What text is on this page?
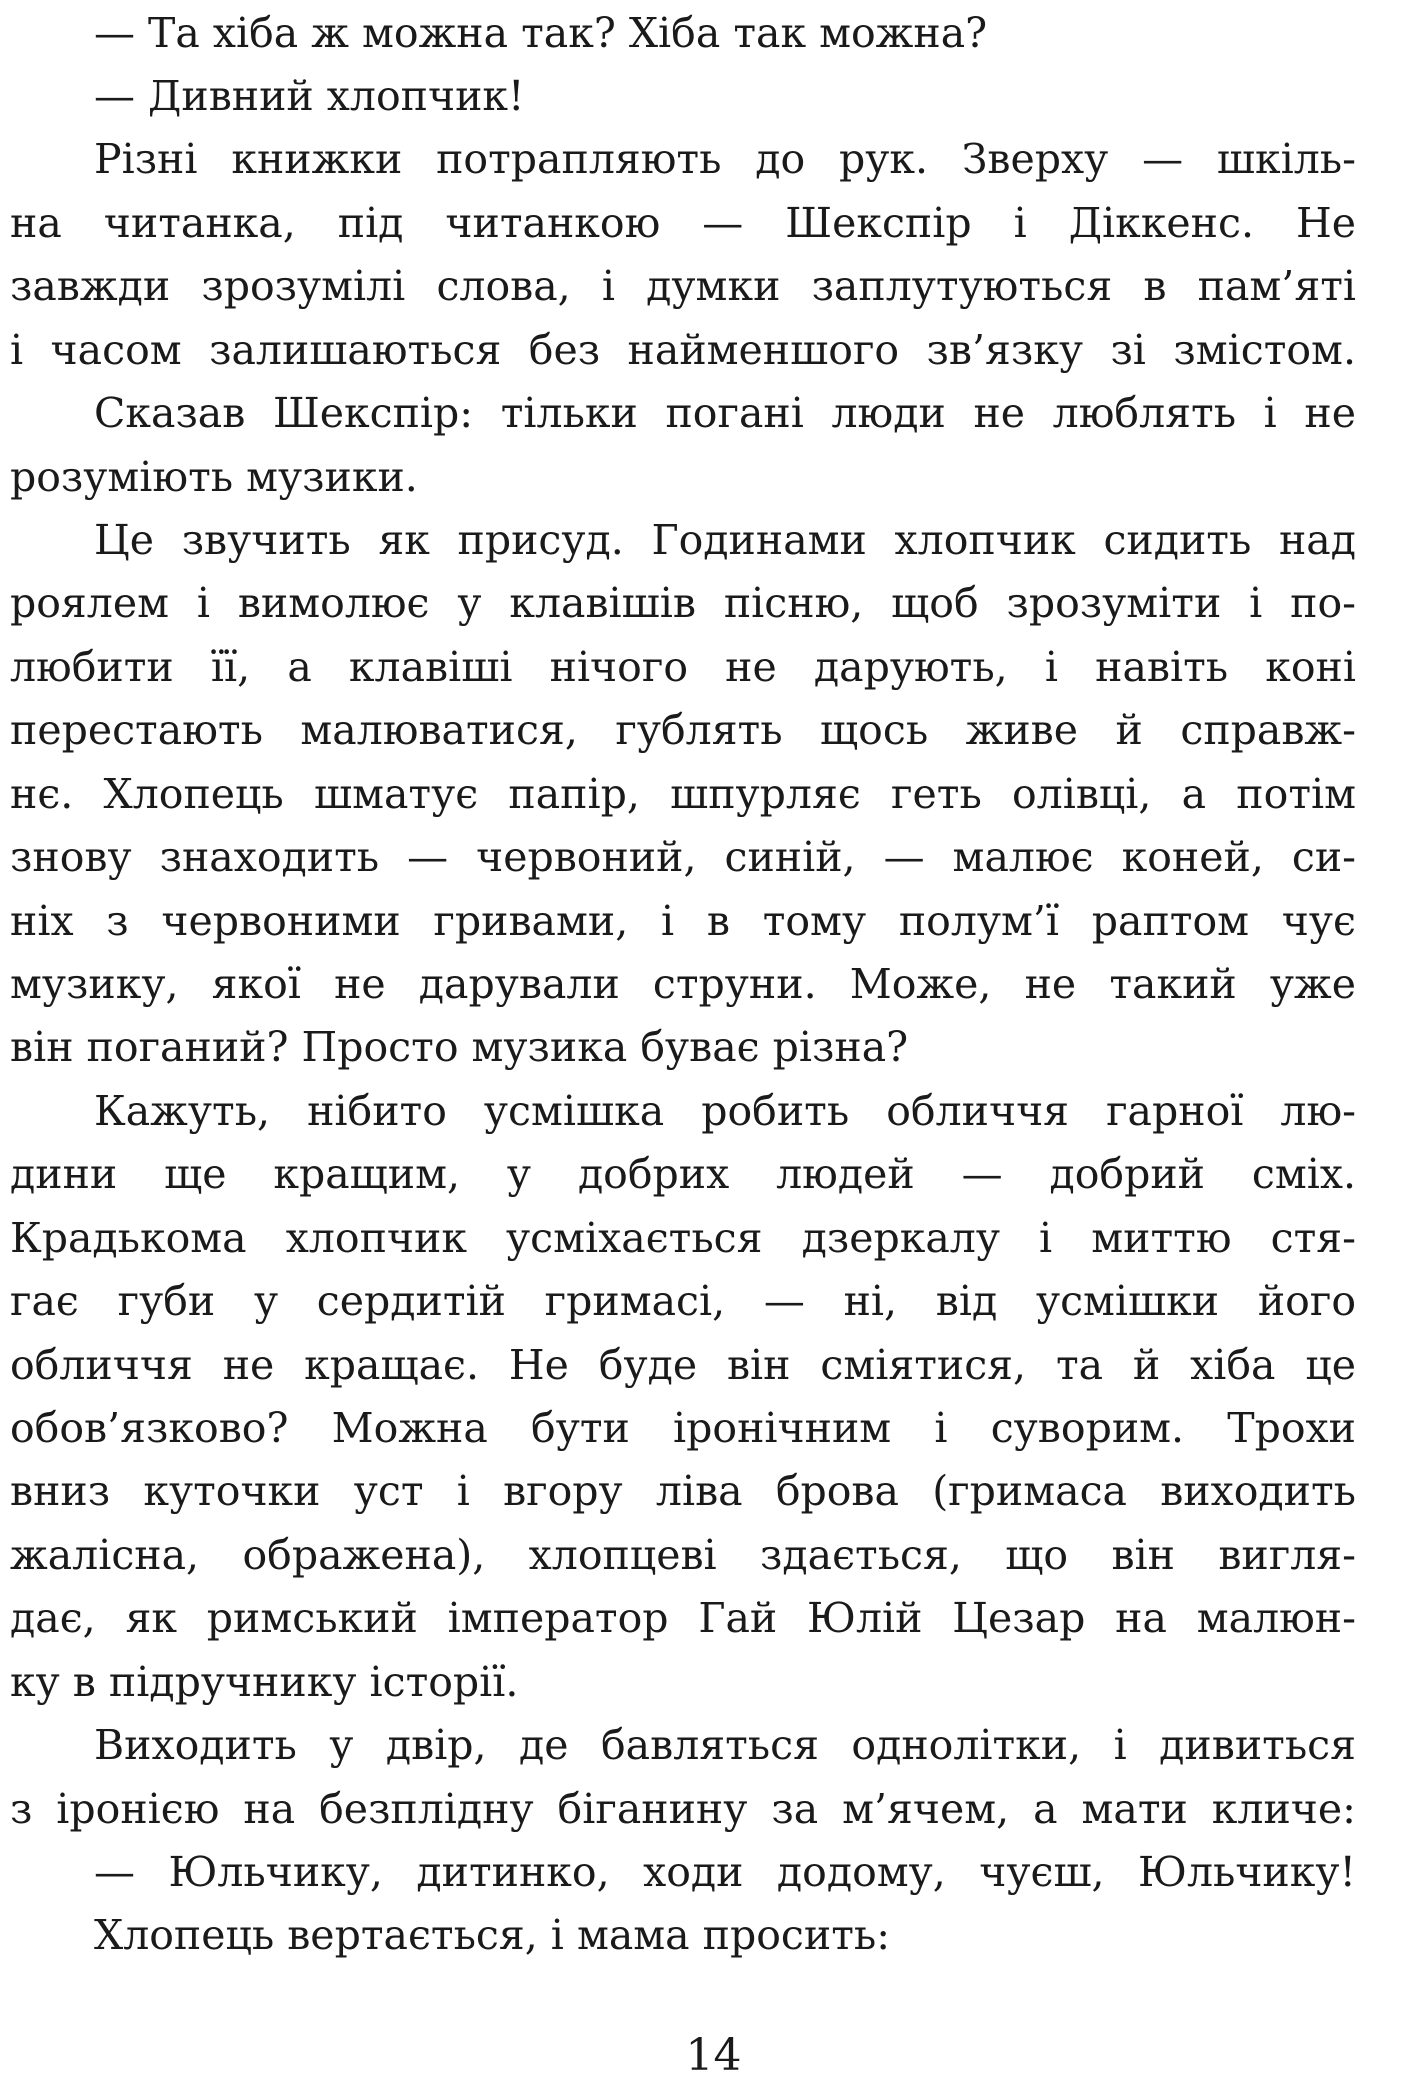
— Та хіба ж можна так? Хіба так можна?
— Дивний хлопчик!
Різні книжки потрапляють до рук. Зверху — шкіль-
на читанка, під читанкою — Шекспір і Діккенс. Не
завжди зрозумілі слова, і думки заплутуються в пам’яті
і часом залишаються без найменшого зв’язку зі змістом.
Сказав Шекспір: тільки погані люди не люблять і не
розуміють музики.
Це звучить як присуд. Годинами хлопчик сидить над
роялем і вимолює у клавішів пісню, щоб зрозуміти і по-
любити її, а клавіші нічого не дарують, і навіть коні
перестають малюватися, гублять щось живе й справж-
нє. Хлопець шматує папір, шпурляє геть олівці, а потім
знову знаходить — червоний, синій, — малює коней, си-
ніх з червоними гривами, і в тому полум’ї раптом чує
музику, якої не дарували струни. Може, не такий уже
він поганий? Просто музика буває різна?
Кажуть, нібито усмішка робить обличчя гарної лю-
дини ще кращим, у добрих людей — добрий сміх.
Крадькома хлопчик усміхається дзеркалу і миттю стя-
гає губи у сердитій гримасі, — ні, від усмішки його
обличчя не кращає. Не буде він сміятися, та й хіба це
обов’язково? Можна бути іронічним і суворим. Трохи
вниз куточки уст і вгору ліва брова (гримаса виходить
жалісна, ображена), хлопцеві здається, що він вигля-
дає, як римський імператор Гай Юлій Цезар на малюн-
ку в підручнику історії.
Виходить у двір, де бавляться однолітки, і дивиться
з іронією на безплідну біганину за м’ячем, а мати кличе:
— Юльчику, дитинко, ходи додому, чуєш, Юльчику!
Хлопець вертається, і мама просить:
14
